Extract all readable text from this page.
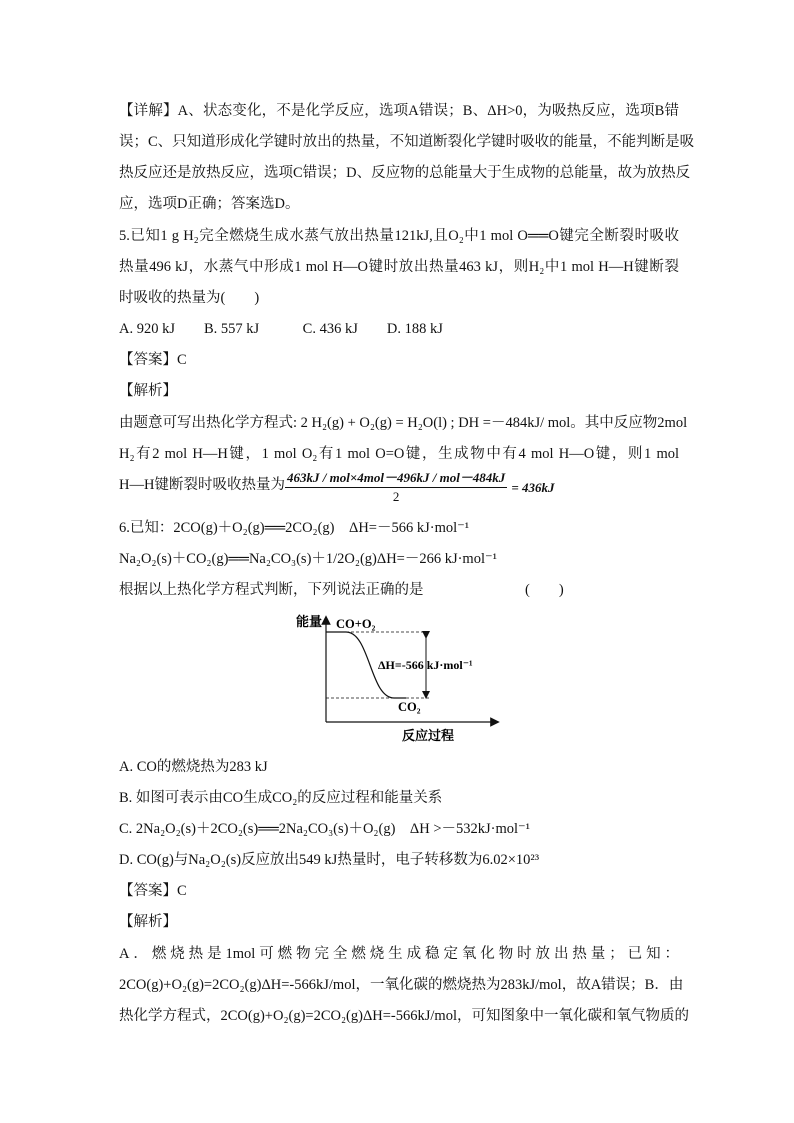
【详解】A、状态变化，不是化学反应，选项A错误；B、ΔH>0，为吸热反应，选项B错
误；C、只知道形成化学键时放出的热量，不知道断裂化学键时吸收的能量，不能判断是吸
热反应还是放热反应，选项C错误；D、反应物的总能量大于生成物的总能量，故为放热反
应，选项D正确；答案选D。
5.已知1 g H₂完全燃烧生成水蒸气放出热量121kJ,且O₂中1 mol O══O键完全断裂时吸收
热量496 kJ，水蒸气中形成1 mol H—O键时放出热量463 kJ，则H₂中1 mol H—H键断裂
时吸收的热量为(　　)
A. 920 kJ　　B. 557 kJ　　　C. 436 kJ　　D. 188 kJ
【答案】C
【解析】
由题意可写出热化学方程式: 2 H₂(g) + O₂(g) = H₂O(l) ; DH =－484kJ/ mol。其中反应物2mol
H₂有2 mol H—H键，1 mol O₂有1 mol O=O键，生成物中有4 mol H—O键，则1 mol
H—H键断裂时吸收热量为 $\frac{\text{463kJ / mol×4mol－496kJ / mol－484kJ}}{2} = 436kJ$
6.已知：2CO(g)＋O₂(g)══2CO₂(g)　ΔH=－566 kJ·mol⁻¹
Na₂O₂(s)＋CO₂(g)══Na₂CO₃(s)＋1/2O₂(g)ΔH=－266 kJ·mol⁻¹
根据以上热化学方程式判断，下列说法正确的是　　　　　　　(　　)
能量
反应过程
CO+O₂
CO₂
ΔH=-566 kJ·mol⁻¹
A. CO的燃烧热为283 kJ
B. 如图可表示由CO生成CO₂的反应过程和能量关系
C. 2Na₂O₂(s)＋2CO₂(s)══2Na₂CO₃(s)＋O₂(g)　ΔH >－532kJ·mol⁻¹
D. CO(g)与Na₂O₂(s)反应放出549 kJ热量时，电子转移数为6.02×10²³
【答案】C
【解析】
A．燃烧热是1mol可燃物完全燃烧生成稳定氧化物时放出热量；已知：
2CO(g)+O₂(g)=2CO₂(g)ΔH=-566kJ/mol，一氧化碳的燃烧热为283kJ/mol，故A错误；B．由
热化学方程式，2CO(g)+O₂(g)=2CO₂(g)ΔH=-566kJ/mol，可知图象中一氧化碳和氧气物质的
